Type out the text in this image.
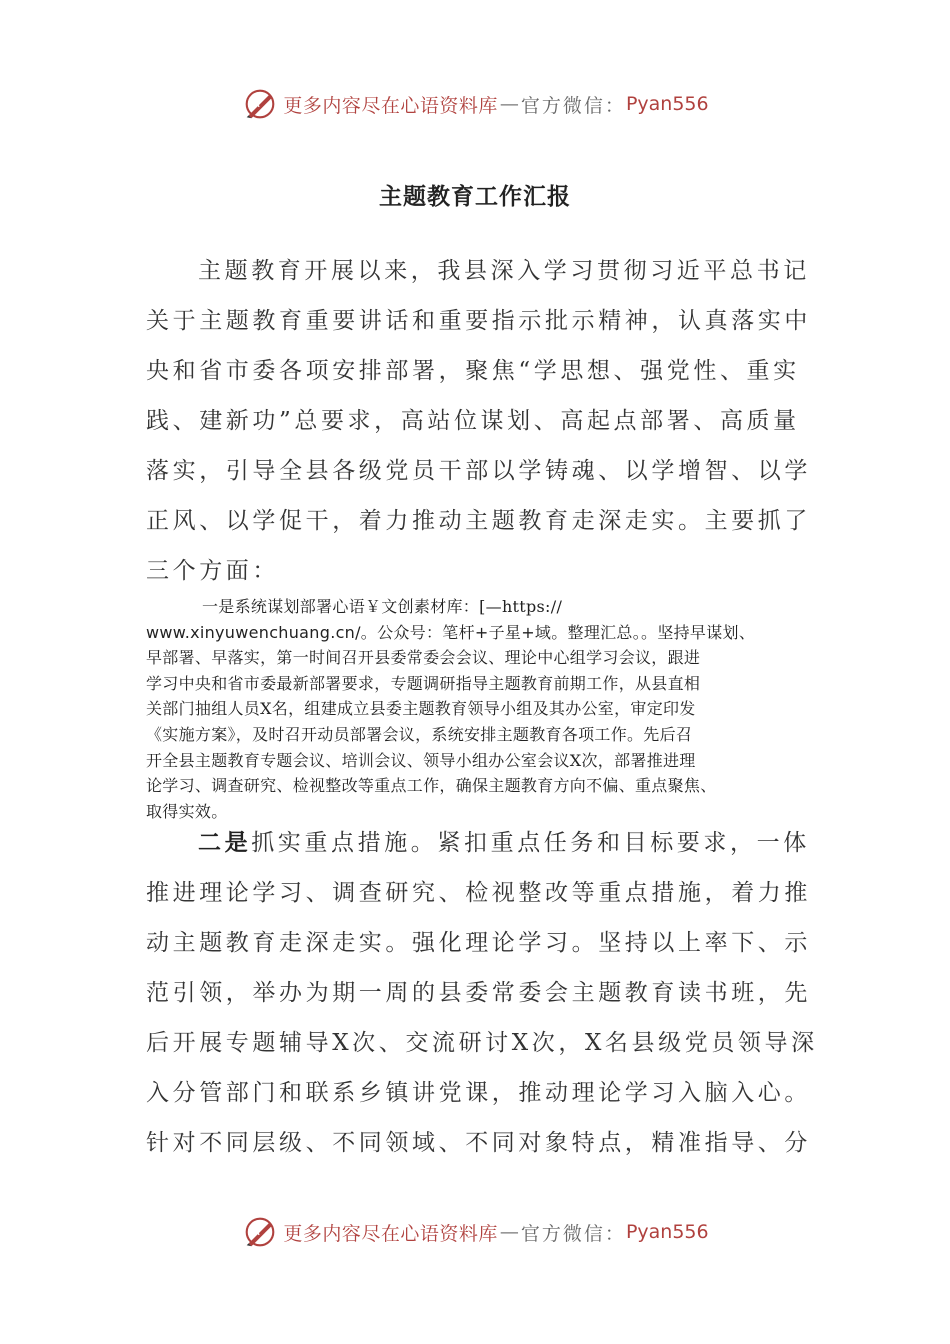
更多内容尽在心语资料库 — 官方微信： Pyan556
主题教育工作汇报

主题教育开展以来，我县深入学习贯彻习近平总书记

关于主题教育重要讲话和重要指示批示精神，认真落实中

央和省市委各项安排部署，聚焦“学思想、强党性、重实

践、建新功”总要求，高站位谋划、高起点部署、高质量

落实，引导全县各级党员干部以学铸魂、以学增智、以学

正风、以学促干，着力推动主题教育走深走实。主要抓了

三个方面：

一是系统谋划部署心语￥文创素材库：[—https://

www.xinyuwenchuang.cn/。公众号：笔杆+子星+域。整理汇总。。坚持早谋划、

早部署、早落实，第一时间召开县委常委会会议、理论中心组学习会议，跟进

学习中央和省市委最新部署要求，专题调研指导主题教育前期工作，从县直相

关部门抽组人员X名，组建成立县委主题教育领导小组及其办公室，审定印发

《实施方案》，及时召开动员部署会议，系统安排主题教育各项工作。先后召

开全县主题教育专题会议、培训会议、领导小组办公室会议X次，部署推进理

论学习、调查研究、检视整改等重点工作，确保主题教育方向不偏、重点聚焦、

取得实效。

二是抓实重点措施。紧扣重点任务和目标要求，一体

推进理论学习、调查研究、检视整改等重点措施，着力推

动主题教育走深走实。强化理论学习。坚持以上率下、示

范引领，举办为期一周的县委常委会主题教育读书班，先

后开展专题辅导X次、交流研讨X次，X名县级党员领导深

入分管部门和联系乡镇讲党课，推动理论学习入脑入心。

针对不同层级、不同领域、不同对象特点，精准指导、分

更多内容尽在心语资料库 — 官方微信： Pyan556
